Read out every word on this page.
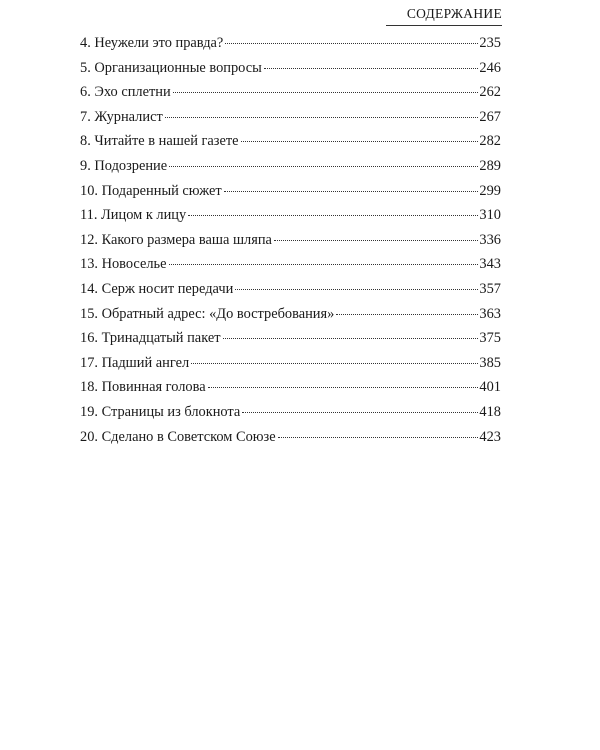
СОДЕРЖАНИЕ
4. Неужели это правда?	235
5. Организационные вопросы	246
6. Эхо сплетни	262
7. Журналист	267
8. Читайте в нашей газете	282
9. Подозрение	289
10. Подаренный сюжет	299
11. Лицом к лицу	310
12. Какого размера ваша шляпа	336
13. Новоселье	343
14. Серж носит передачи	357
15. Обратный адрес: «До востребования»	363
16. Тринадцатый пакет	375
17. Падший ангел	385
18. Повинная голова	401
19. Страницы из блокнота	418
20. Сделано в Советском Союзе	423
